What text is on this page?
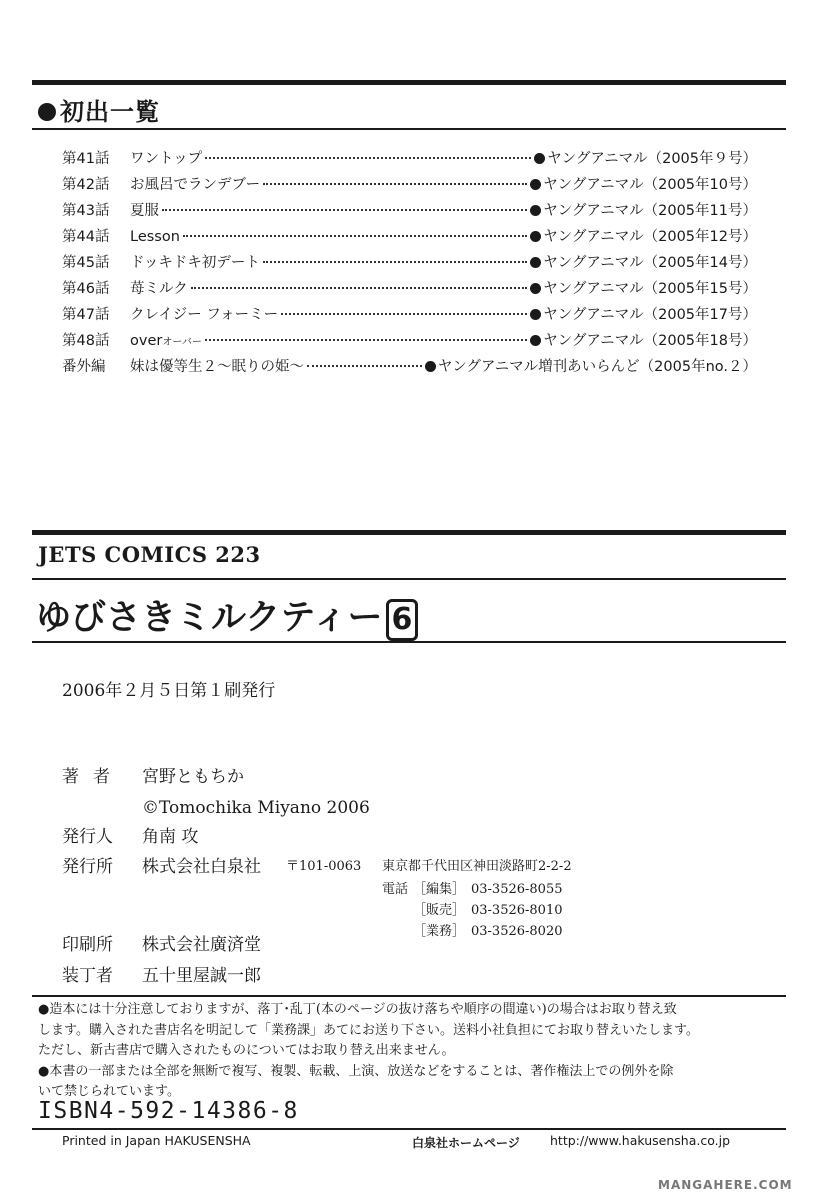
初出一覧
第41話	ワントップ	ヤングアニマル（2005年９号）
第42話	お風呂でランデブー	ヤングアニマル（2005年10号）
第43話	夏服	ヤングアニマル（2005年11号）
第44話	Lesson	ヤングアニマル（2005年12号）
第45話	ドッキドキ初デート	ヤングアニマル（2005年14号）
第46話	苺ミルク	ヤングアニマル（2005年15号）
第47話	クレイジー フォーミー	ヤングアニマル（2005年17号）
第48話	overオーバー	ヤングアニマル（2005年18号）
番外編	妹は優等生２〜眠りの姫〜	ヤングアニマル増刊あいらんど（2005年no.２）
JETS COMICS 223
ゆびさきミルクティー 6
2006年２月５日第１刷発行
著者 宮野ともちか
©Tomochika Miyano 2006
発行人 角南 攻
発行所 株式会社白泉社 〒101-0063 東京都千代田区神田淡路町2-2-2
電話 ［編集］ 03-3526-8055
［販売］ 03-3526-8010
［業務］ 03-3526-8020
印刷所 株式会社廣済堂
装丁者 五十里屋誠一郎

●造本には十分注意しておりますが、落丁･乱丁(本のページの抜け落ちや順序の間違い)の場合はお取り替え致

します。購入された書店名を明記して「業務課」あてにお送り下さい。送料小社負担にてお取り替えいたします。

ただし、新古書店で購入されたものについてはお取り替え出来ません。

●本書の一部または全部を無断で複写、複製、転載、上演、放送などをすることは、著作権法上での例外を除

いて禁じられています。

ISBN4-592-14386-8
Printed in Japan HAKUSENSHA	白泉社ホームページ http://www.hakusensha.co.jp
MANGAHERE.COM
